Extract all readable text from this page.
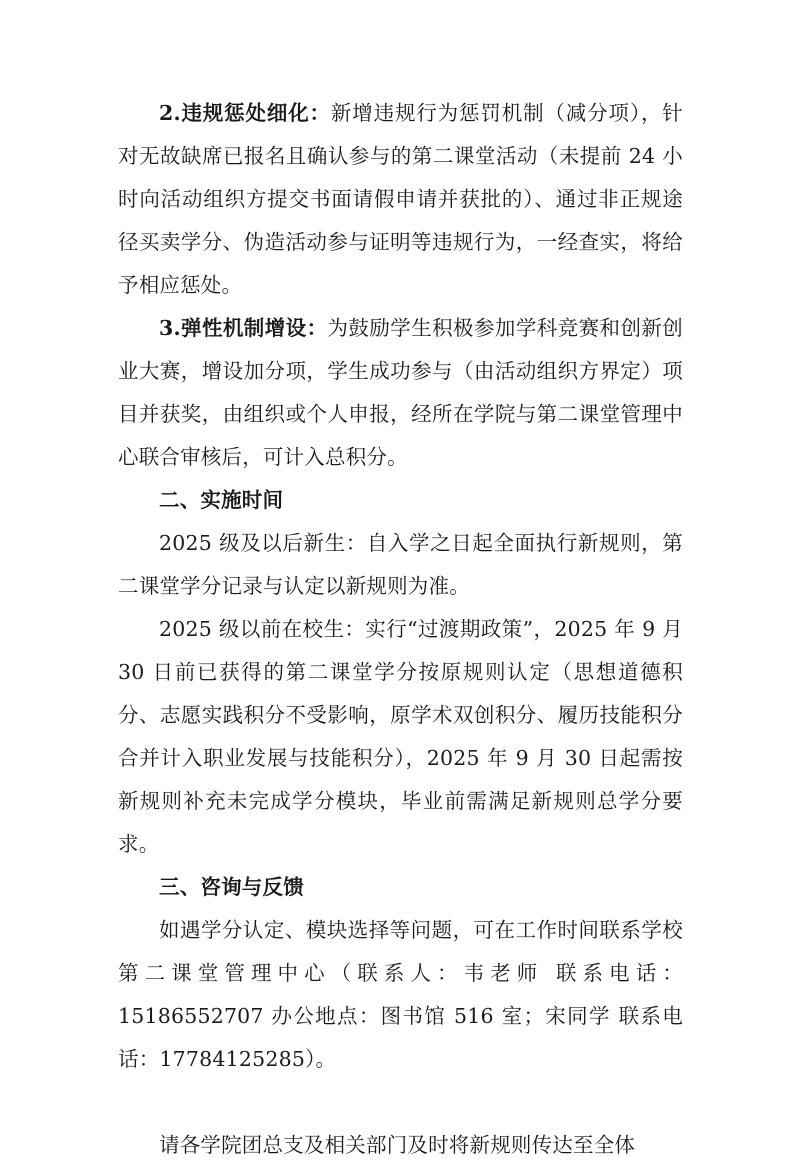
2.违规惩处细化：新增违规行为惩罚机制（减分项），针对无故缺席已报名且确认参与的第二课堂活动（未提前 24 小时向活动组织方提交书面请假申请并获批的）、通过非正规途径买卖学分、伪造活动参与证明等违规行为，一经查实，将给予相应惩处。

3.弹性机制增设：为鼓励学生积极参加学科竞赛和创新创业大赛，增设加分项，学生成功参与（由活动组织方界定）项目并获奖，由组织或个人申报，经所在学院与第二课堂管理中心联合审核后，可计入总积分。

二、实施时间

2025 级及以后新生：自入学之日起全面执行新规则，第二课堂学分记录与认定以新规则为准。

2025 级以前在校生：实行“过渡期政策”，2025 年 9 月 30 日前已获得的第二课堂学分按原规则认定（思想道德积分、志愿实践积分不受影响，原学术双创积分、履历技能积分合并计入职业发展与技能积分），2025 年 9 月 30 日起需按新规则补充未完成学分模块，毕业前需满足新规则总学分要求。

三、咨询与反馈

如遇学分认定、模块选择等问题，可在工作时间联系学校第二课堂管理中心（联系人：韦老师 联系电话：15186552707 办公地点：图书馆 516 室；宋同学 联系电话：17784125285）。

请各学院团总支及相关部门及时将新规则传达至全体
